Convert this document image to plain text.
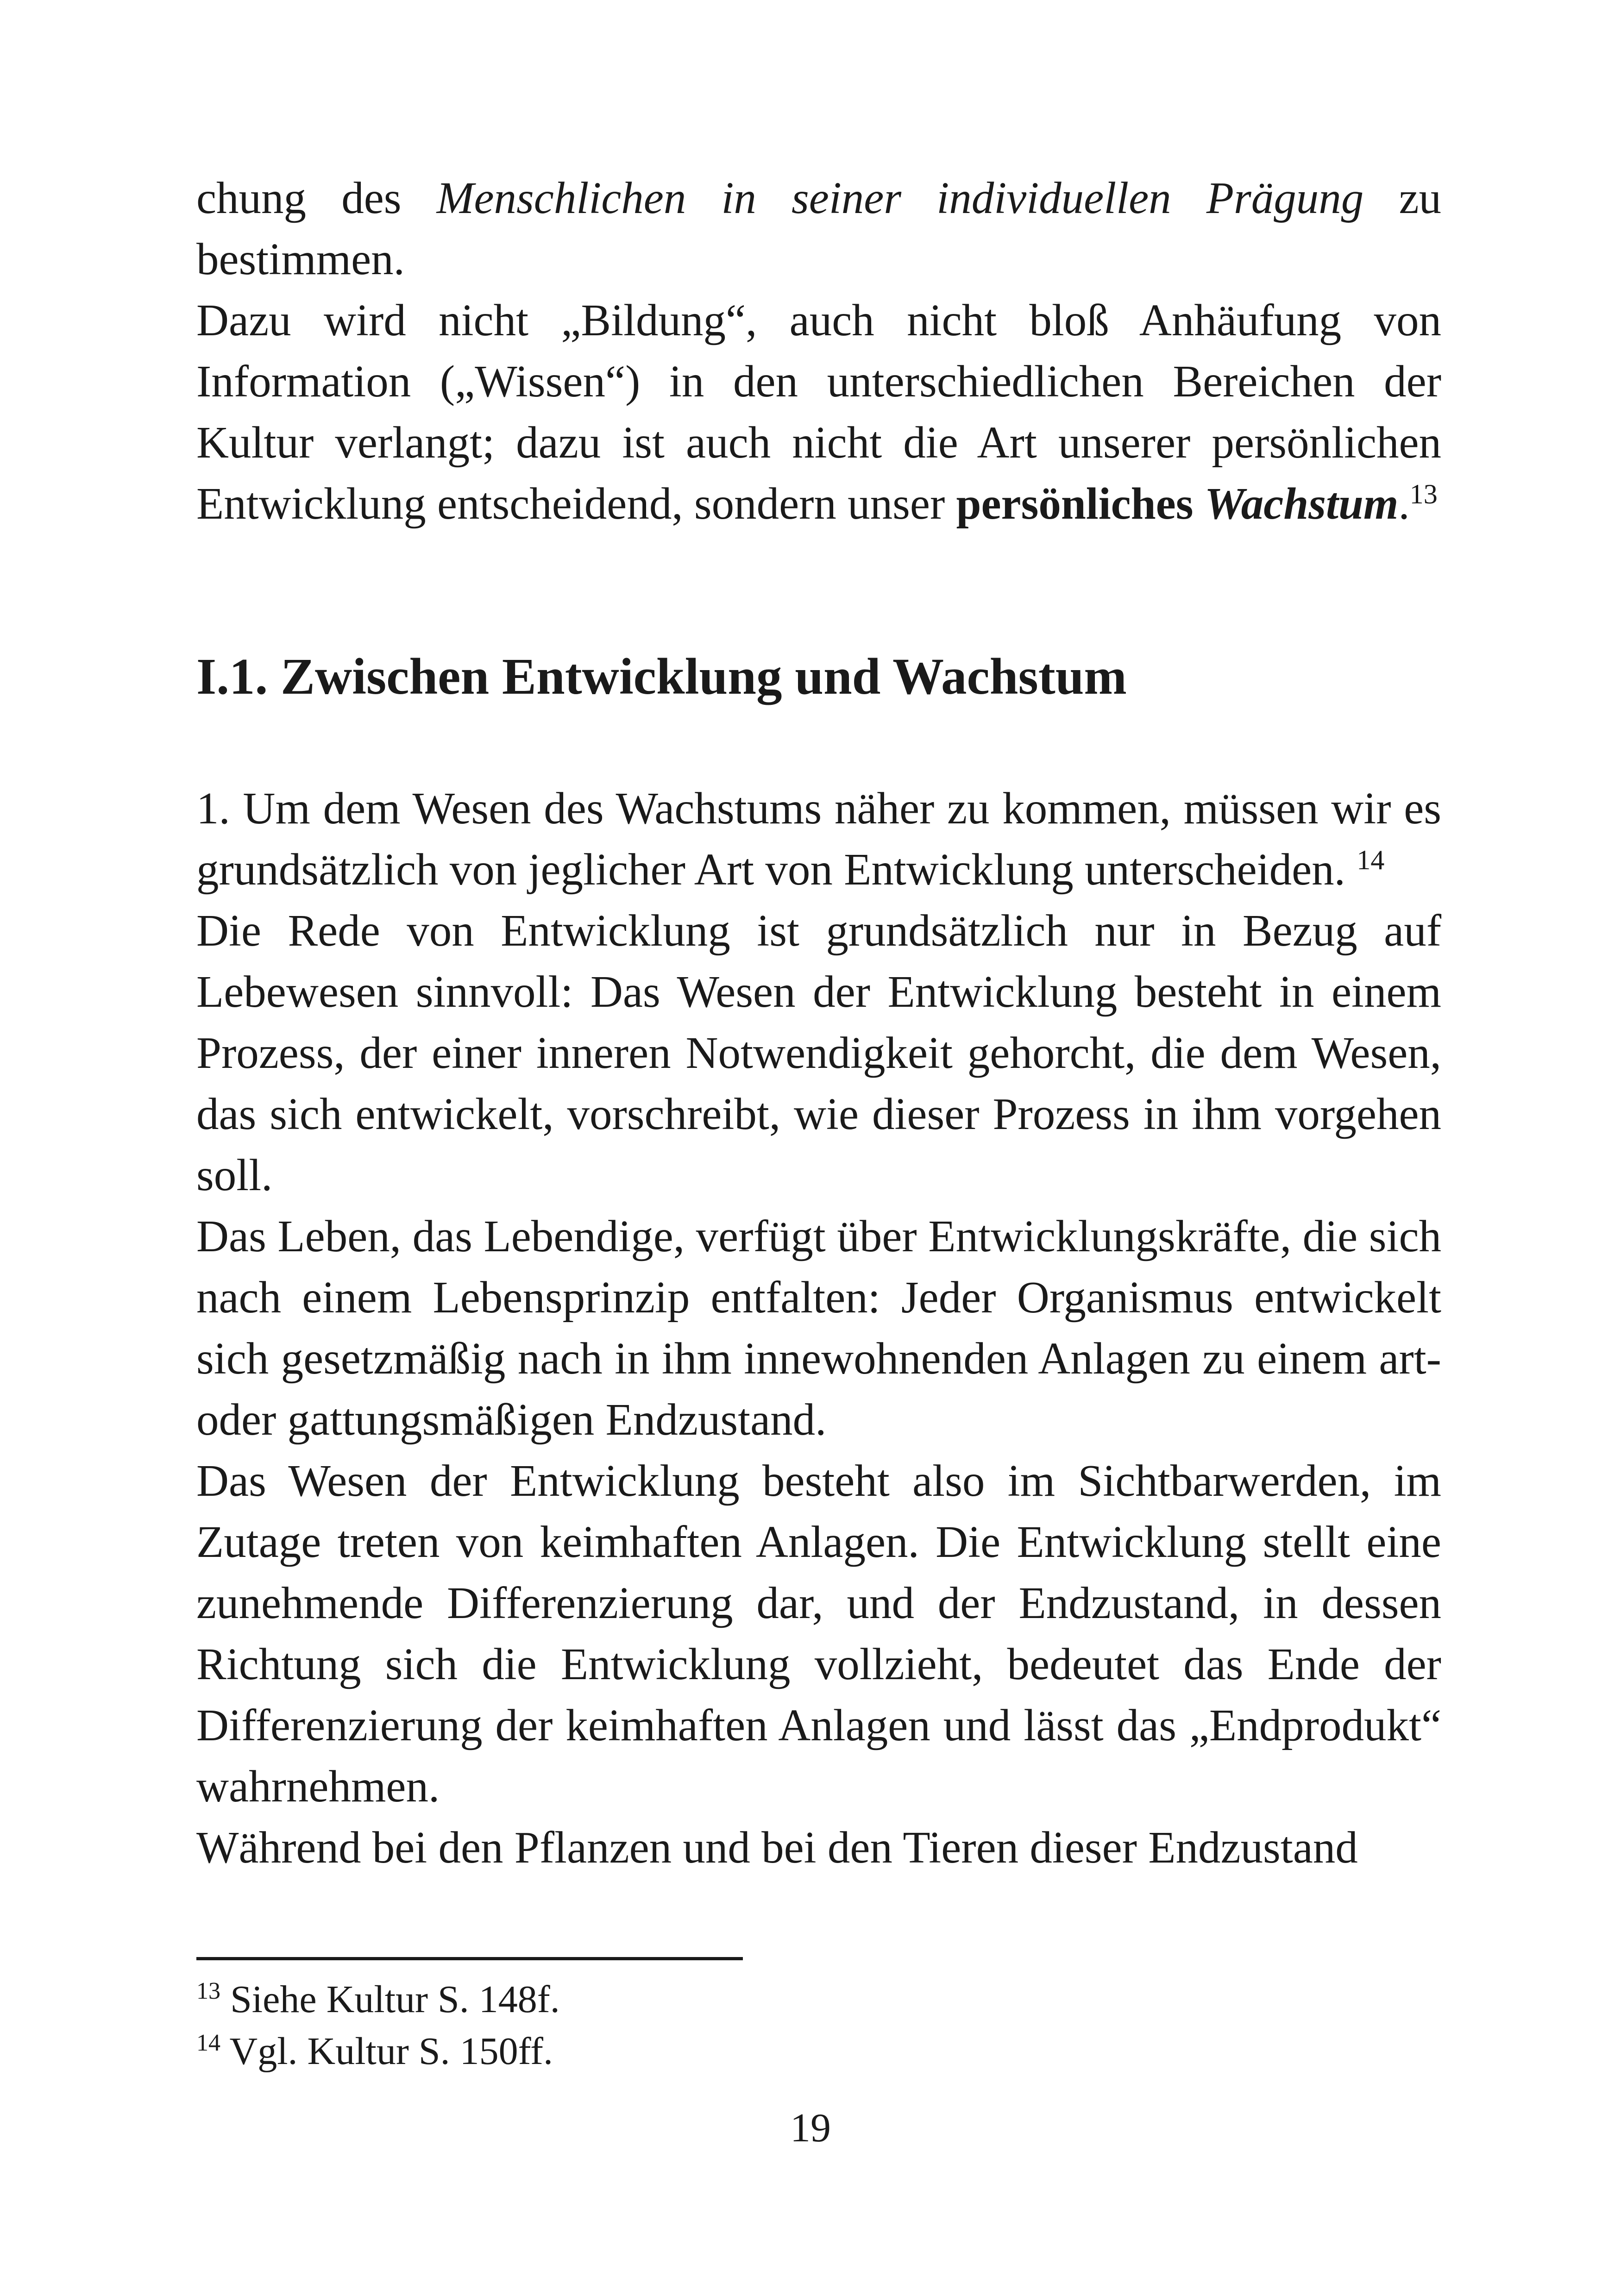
chung des Menschlichen in seiner individuellen Prägung zu bestimmen.

Dazu wird nicht „Bildung“, auch nicht bloß Anhäufung von Information („Wissen“) in den unterschiedlichen Bereichen der Kultur verlangt; dazu ist auch nicht die Art unserer persönlichen Entwicklung entscheidend, sondern unser persönliches Wachstum.$^{13}$

I.1. Zwischen Entwicklung und Wachstum

1. Um dem Wesen des Wachstums näher zu kommen, müssen wir es grundsätzlich von jeglicher Art von Entwicklung unterscheiden. $^{14}$

Die Rede von Entwicklung ist grundsätzlich nur in Bezug auf Lebewesen sinnvoll: Das Wesen der Entwicklung besteht in einem Prozess, der einer inneren Notwendigkeit gehorcht, die dem Wesen, das sich entwickelt, vorschreibt, wie dieser Prozess in ihm vorgehen soll.

Das Leben, das Lebendige, verfügt über Entwicklungskräfte, die sich nach einem Lebensprinzip entfalten: Jeder Organismus entwickelt sich gesetzmäßig nach in ihm innewohnenden Anlagen zu einem art- oder gattungsmäßigen Endzustand.

Das Wesen der Entwicklung besteht also im Sichtbarwerden, im Zutage treten von keimhaften Anlagen. Die Entwicklung stellt eine zunehmende Differenzierung dar, und der Endzustand, in dessen Richtung sich die Entwicklung vollzieht, bedeutet das Ende der Differenzierung der keimhaften Anlagen und lässt das „Endprodukt“ wahrnehmen.

Während bei den Pflanzen und bei den Tieren dieser Endzustand

$^{13}$ Siehe Kultur S. 148f.

$^{14}$ Vgl. Kultur S. 150ff.

19
